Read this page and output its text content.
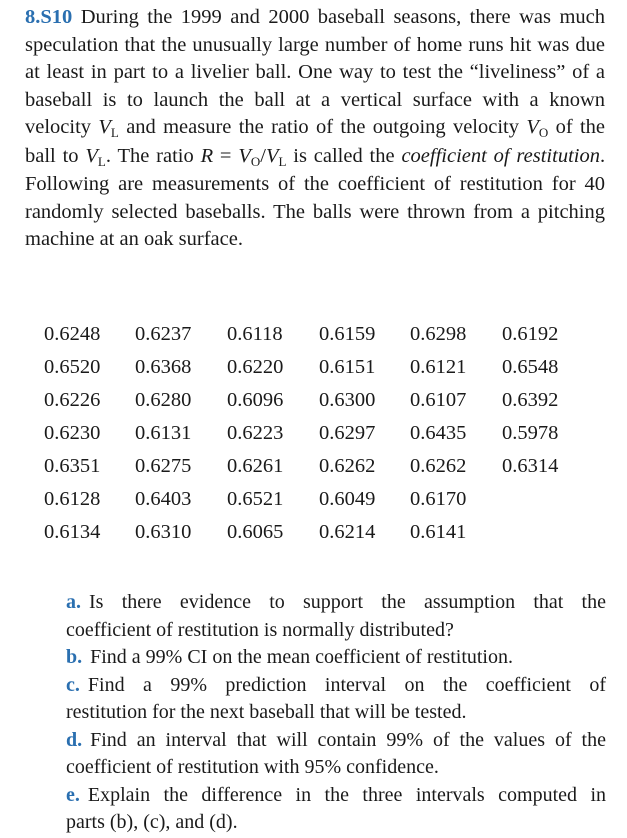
8.S10 During the 1999 and 2000 baseball seasons, there was much speculation that the unusually large number of home runs hit was due at least in part to a livelier ball. One way to test the “liveliness” of a baseball is to launch the ball at a vertical surface with a known velocity VL and measure the ratio of the outgoing velocity VO of the ball to VL. The ratio R = VO/VL is called the coefficient of restitution. Following are measurements of the coefficient of restitution for 40 randomly selected baseballs. The balls were thrown from a pitching machine at an oak surface.
0.6248	0.6237	0.6118	0.6159	0.6298	0.6192
0.6520	0.6368	0.6220	0.6151	0.6121	0.6548
0.6226	0.6280	0.6096	0.6300	0.6107	0.6392
0.6230	0.6131	0.6223	0.6297	0.6435	0.5978
0.6351	0.6275	0.6261	0.6262	0.6262	0.6314
0.6128	0.6403	0.6521	0.6049	0.6170	
0.6134	0.6310	0.6065	0.6214	0.6141	
a. Is there evidence to support the assumption that the
coefficient of restitution is normally distributed?
b. Find a 99% CI on the mean coefficient of restitution.
c. Find a 99% prediction interval on the coefficient of
restitution for the next baseball that will be tested.
d. Find an interval that will contain 99% of the values of the
coefficient of restitution with 95% confidence.
e. Explain the difference in the three intervals computed in
parts (b), (c), and (d).
